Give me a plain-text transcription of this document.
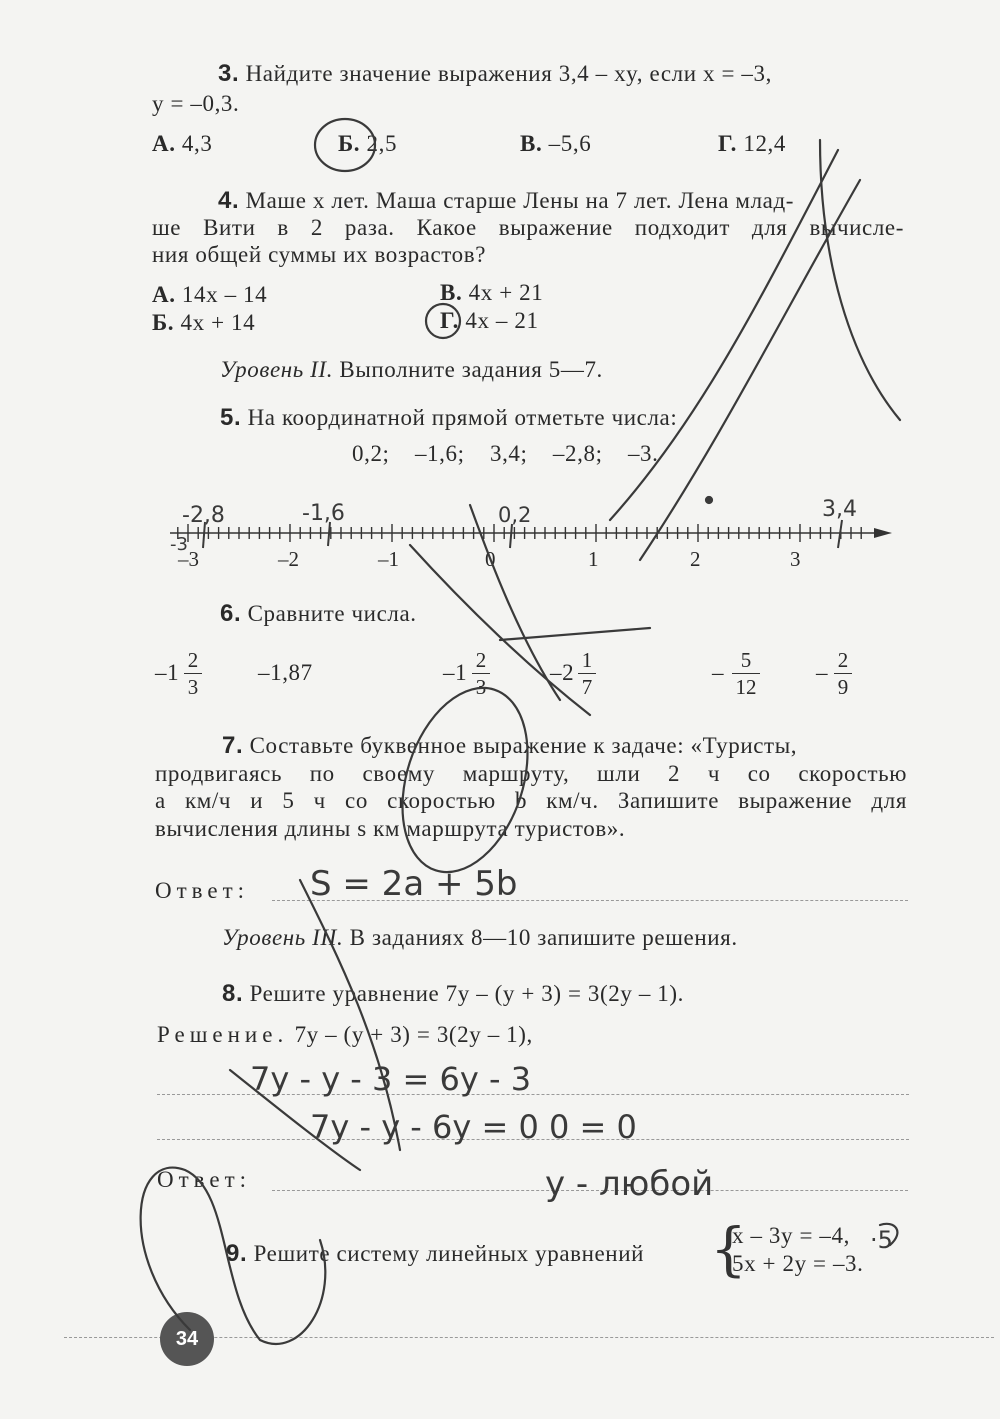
3. Найдите значение выражения 3,4 – xy, если x = –3,
y = –0,3.
А. 4,3	Б. 2,5	В. –5,6	Г. 12,4
4. Маше x лет. Маша старше Лены на 7 лет. Лена млад-
ше Вити в 2 раза. Какое выражение подходит для вычисле-
ния общей суммы их возрастов?
А. 14x – 14	В. 4x + 21
Б. 4x + 14	Г. 4x – 21
Уровень II. Выполните задания 5—7.
5. На координатной прямой отметьте числа:
0,2;    –1,6;    3,4;    –2,8;    –3.
–3	–2	–1	0	1	2	3
-2,8	-1,6	0,2	3,4
-3
6. Сравните числа.
–1 2
3
–1,87	–1 2
3
–2 1
7
– 5
12
– 2
9
7. Составьте буквенное выражение к задаче: «Туристы,
продвигаясь по своему маршруту, шли 2 ч со скоростью
a км/ч и 5 ч со скоростью b км/ч. Запишите выражение для
вычисления длины s км маршрута туристов».
Ответ:
Уровень III. В заданиях 8—10 запишите решения.
8. Решите уравнение 7y – (y + 3) = 3(2y – 1).
Решение. 7y – (y + 3) = 3(2y – 1),
Ответ:
9. Решите систему линейных уравнений {
x – 3y = –4,
5x + 2y = –3.
34
S = 2a + 5b
7y - y - 3 = 6y - 3
7y - y - 6y = 0 0 = 0
y - любой
·5
